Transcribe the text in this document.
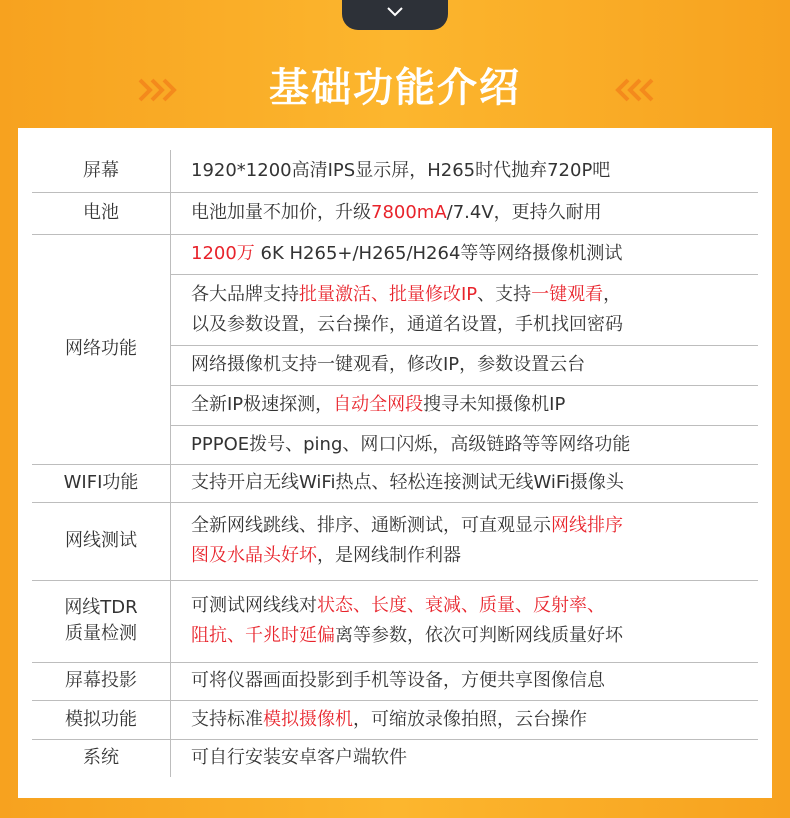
基础功能介绍
屏幕	1920*1200高清IPS显示屏，H265时代抛弃720P吧
电池	电池加量不加价，升级7800mA/7.4V，更持久耐用
网络功能	1200万 6K H265+/H265/H264等等网络摄像机测试
	各大品牌支持批量激活、批量修改IP、支持一键观看，
以及参数设置，云台操作，通道名设置，手机找回密码
	网络摄像机支持一键观看，修改IP，参数设置云台
	全新IP极速探测，自动全网段搜寻未知摄像机IP
	PPPOE拨号、ping、网口闪烁，高级链路等等网络功能
WIFI功能	支持开启无线WiFi热点、轻松连接测试无线WiFi摄像头
网线测试	全新网线跳线、排序、通断测试，可直观显示网线排序
图及水晶头好坏，是网线制作利器
网线TDR
质量检测	可测试网线线对状态、长度、衰减、质量、反射率、
阻抗、千兆时延偏离等参数，依次可判断网线质量好坏
屏幕投影	可将仪器画面投影到手机等设备，方便共享图像信息
模拟功能	支持标准模拟摄像机，可缩放录像拍照，云台操作
系统	可自行安装安卓客户端软件
